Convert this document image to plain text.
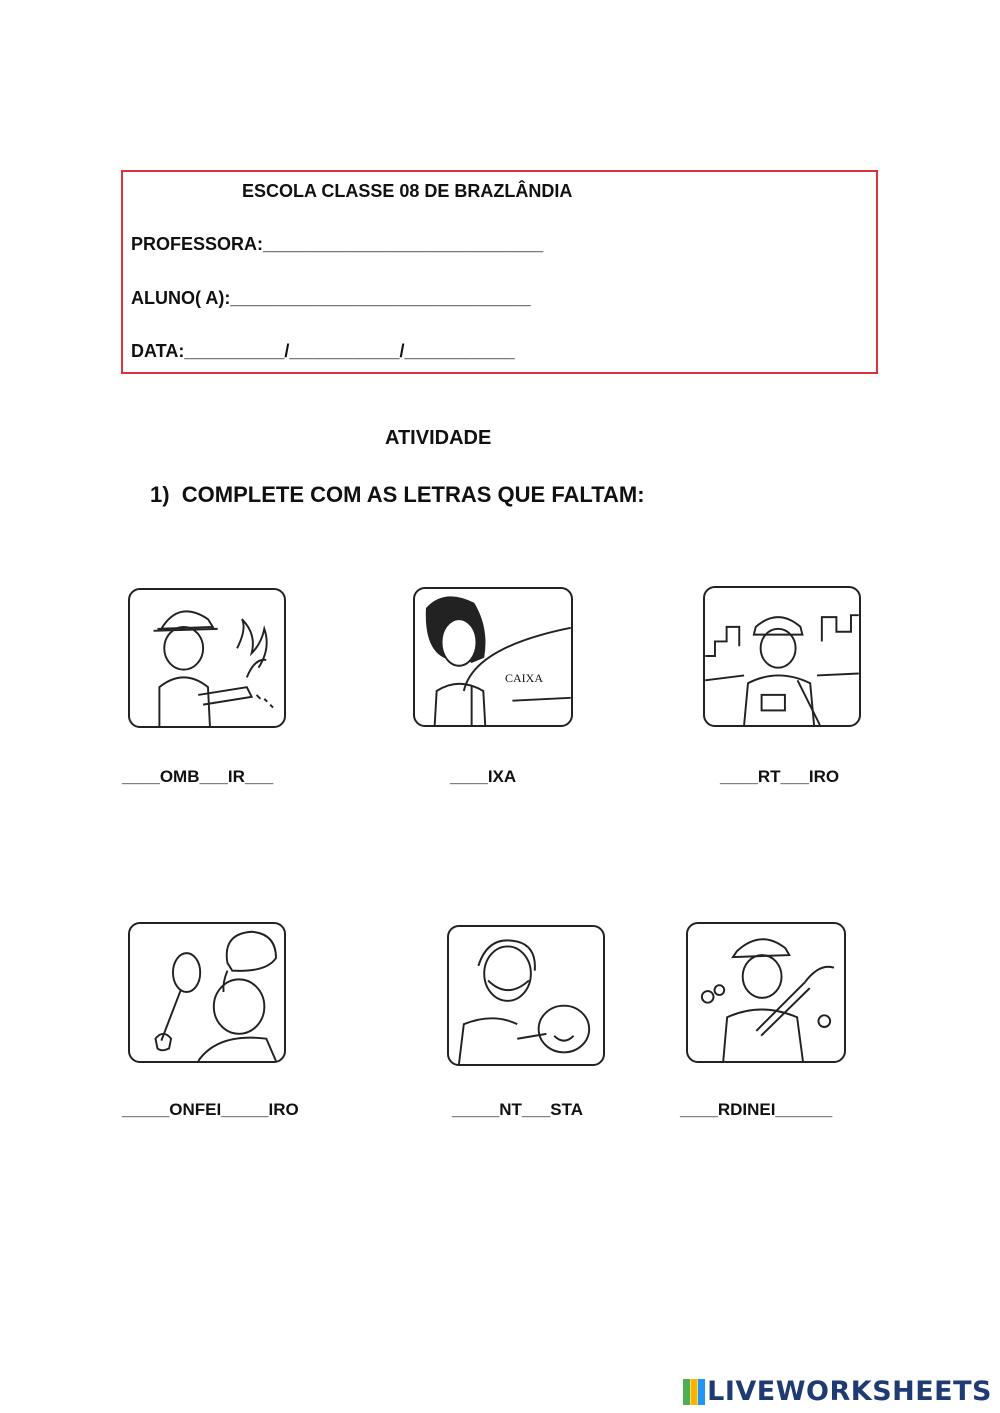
ESCOLA CLASSE 08 DE BRAZLÂNDIA
PROFESSORA:____________________________
ALUNO( A):______________________________
DATA:__________/___________/___________
ATIVIDADE
1)  COMPLETE COM AS LETRAS QUE FALTAM:
____OMB___IR___
CAIXA
____IXA	____RT___IRO
_____ONFEI_____IRO	_____NT___STA	____RDINEI______
LIVEWORKSHEETS
